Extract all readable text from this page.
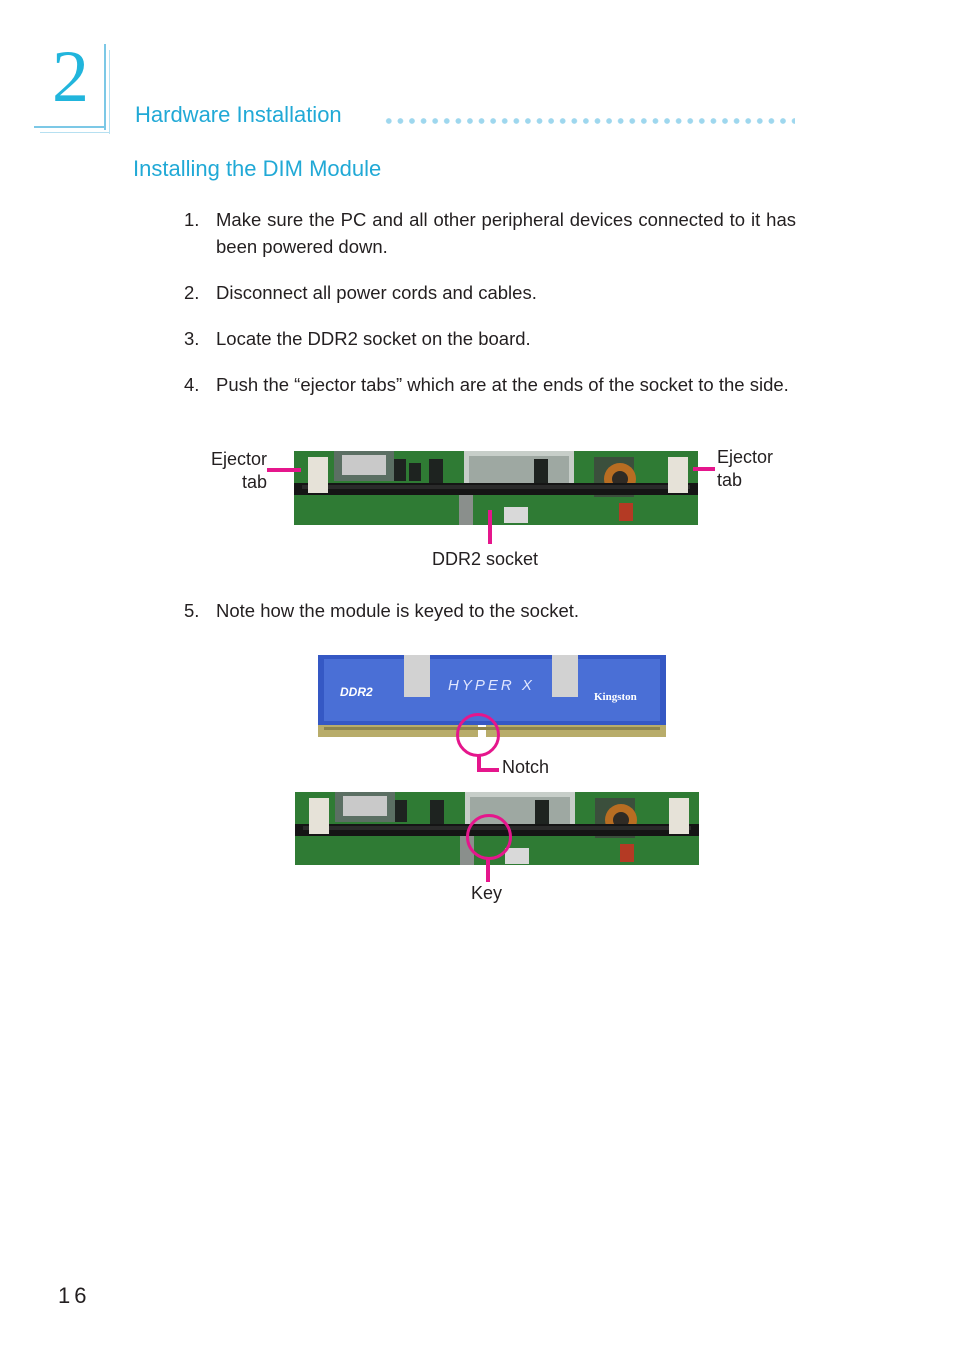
2 Hardware Installation
Installing the DIM Module
1. Make sure the PC and all other peripheral devices connected to it has been powered down.
2. Disconnect all power cords and cables.
3. Locate the DDR2 socket on the board.
4. Push the “ejector tabs” which are at the ends of the socket to the side.
Ejector
tab
Ejector
tab
DDR2 socket
5. Note how the module is keyed to the socket.
DDR2	HYPER X
Kingston
Notch
Key
16
